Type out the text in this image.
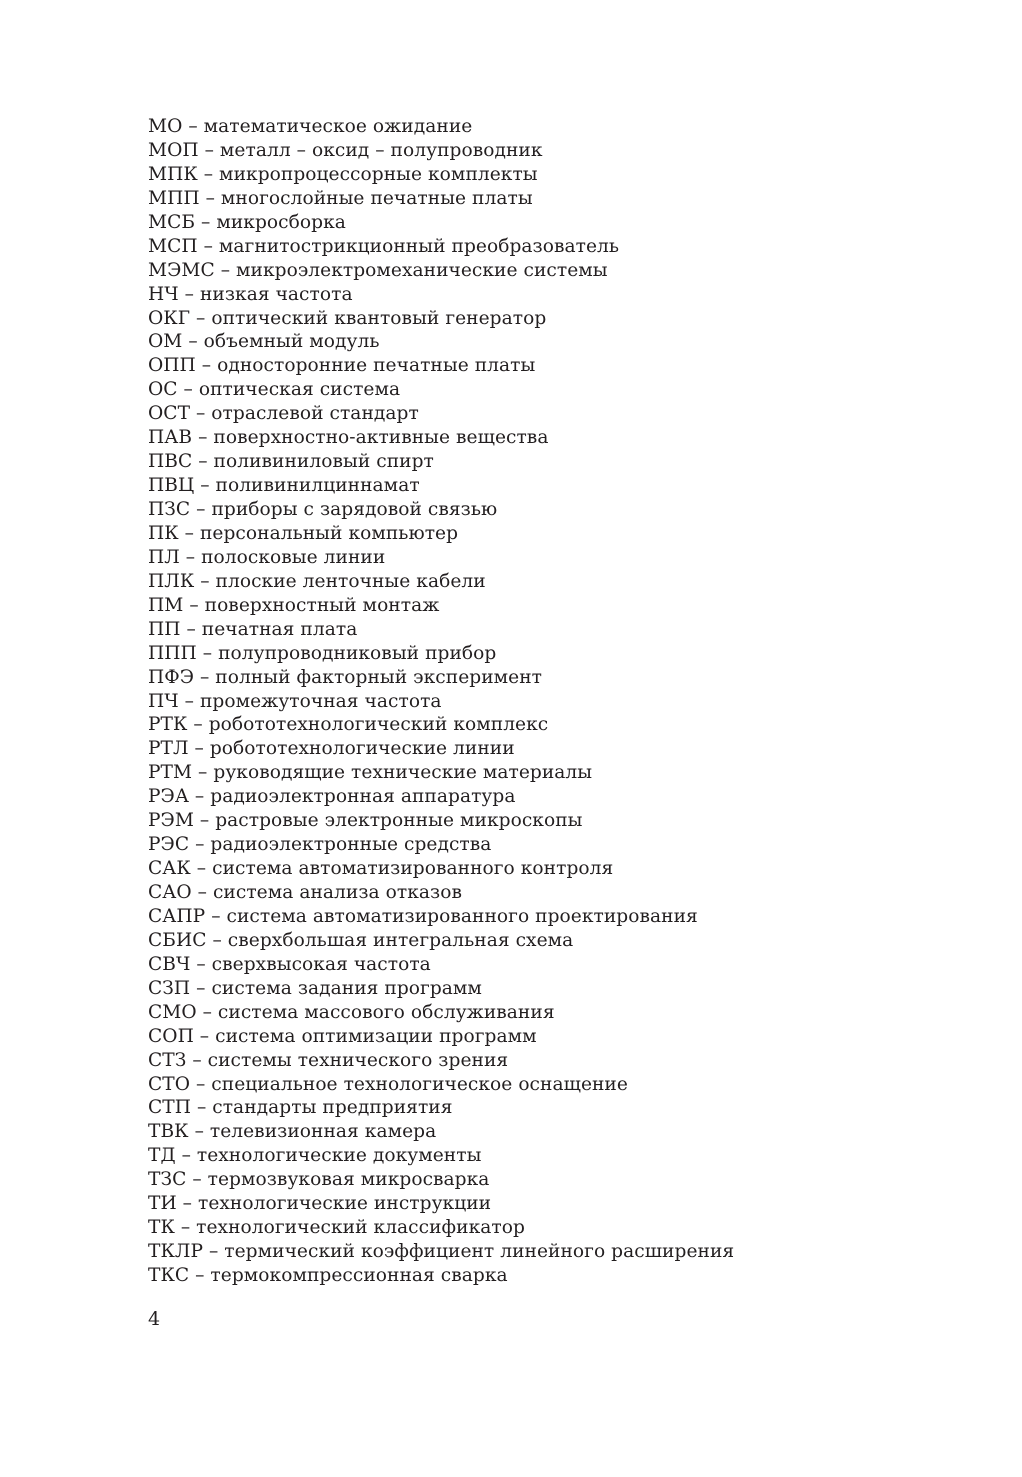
МО – математическое ожидание
МОП – металл – оксид – полупроводник
МПК – микропроцессорные комплекты
МПП – многослойные печатные платы
МСБ – микросборка
МСП – магнитострикционный преобразователь
МЭМС – микроэлектромеханические системы
НЧ – низкая частота
ОКГ – оптический квантовый генератор
ОМ – объемный модуль
ОПП – односторонние печатные платы
ОС – оптическая система
ОСТ – отраслевой стандарт
ПАВ – поверхностно-активные вещества
ПВС – поливиниловый спирт
ПВЦ – поливинилциннамат
ПЗС – приборы с зарядовой связью
ПК – персональный компьютер
ПЛ – полосковые линии
ПЛК – плоские ленточные кабели
ПМ – поверхностный монтаж
ПП – печатная плата
ППП – полупроводниковый прибор
ПФЭ – полный факторный эксперимент
ПЧ – промежуточная частота
РТК – робототехнологический комплекс
РТЛ – робототехнологические линии
РТМ – руководящие технические материалы
РЭА – радиоэлектронная аппаратура
РЭМ – растровые электронные микроскопы
РЭС – радиоэлектронные средства
САК – система автоматизированного контроля
САО – система анализа отказов
САПР – система автоматизированного проектирования
СБИС – сверхбольшая интегральная схема
СВЧ – сверхвысокая частота
СЗП – система задания программ
СМО – система массового обслуживания
СОП – система оптимизации программ
СТЗ – системы технического зрения
СТО – специальное технологическое оснащение
СТП – стандарты предприятия
ТВК – телевизионная камера
ТД – технологические документы
ТЗС – термозвуковая микросварка
ТИ – технологические инструкции
ТК – технологический классификатор
ТКЛР – термический коэффициент линейного расширения
ТКС – термокомпрессионная сварка
4
